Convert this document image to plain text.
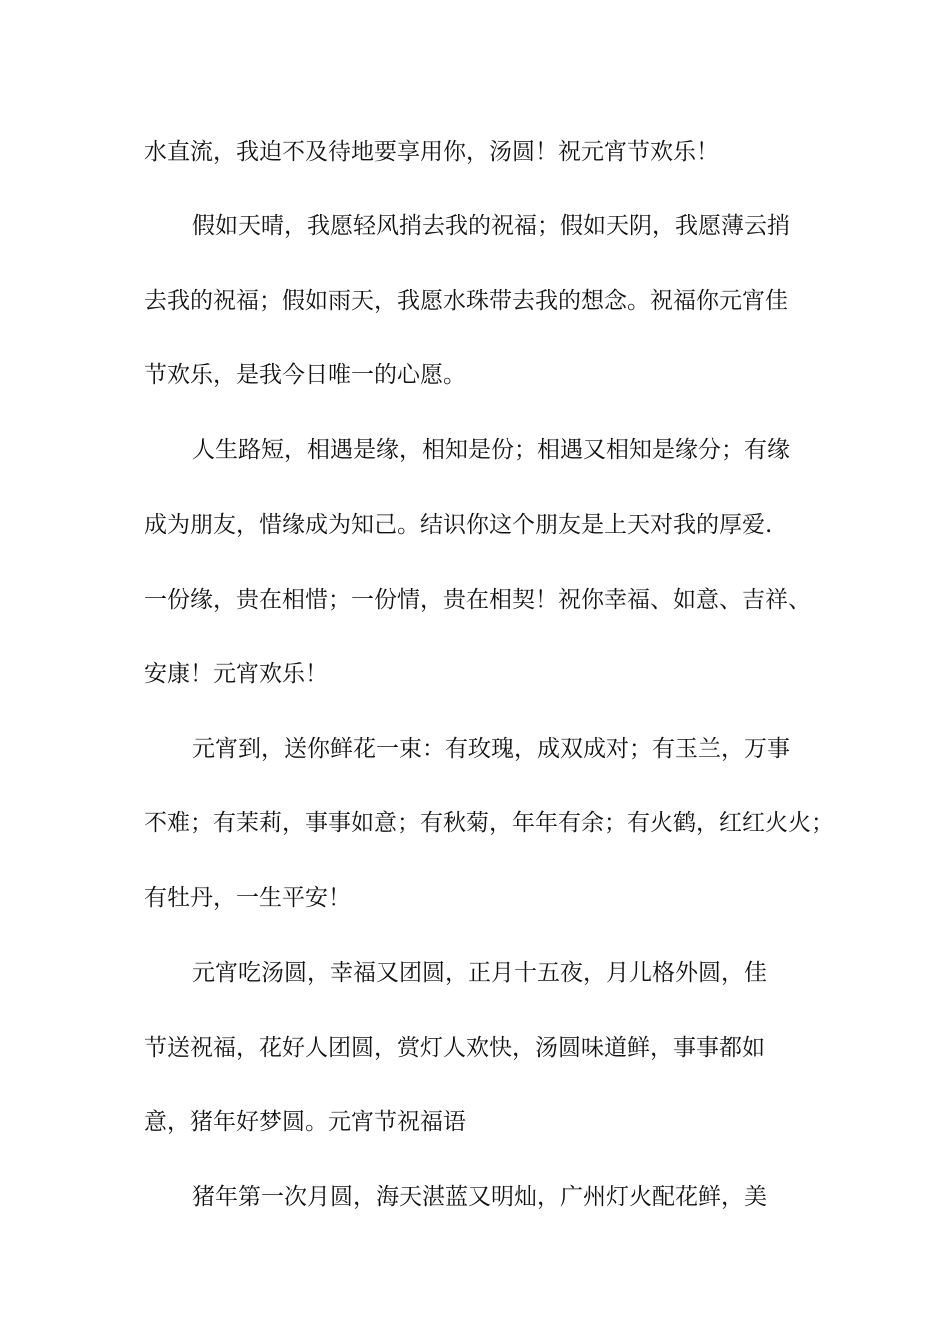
水直流，我迫不及待地要享用你，汤圆！祝元宵节欢乐！

假如天晴，我愿轻风捎去我的祝福；假如天阴，我愿薄云捎

去我的祝福；假如雨天，我愿水珠带去我的想念。祝福你元宵佳

节欢乐，是我今日唯一的心愿。

人生路短，相遇是缘，相知是份；相遇又相知是缘分；有缘

成为朋友，惜缘成为知己。结识你这个朋友是上天对我的厚爱.

一份缘，贵在相惜；一份情，贵在相契！祝你幸福、如意、吉祥、

安康！元宵欢乐！

元宵到，送你鲜花一束：有玫瑰，成双成对；有玉兰，万事

不难；有茉莉，事事如意；有秋菊，年年有余；有火鹤，红红火火；

有牡丹，一生平安！

元宵吃汤圆，幸福又团圆，正月十五夜，月儿格外圆，佳

节送祝福，花好人团圆，赏灯人欢快，汤圆味道鲜，事事都如

意，猪年好梦圆。元宵节祝福语

猪年第一次月圆，海天湛蓝又明灿，广州灯火配花鲜，美
